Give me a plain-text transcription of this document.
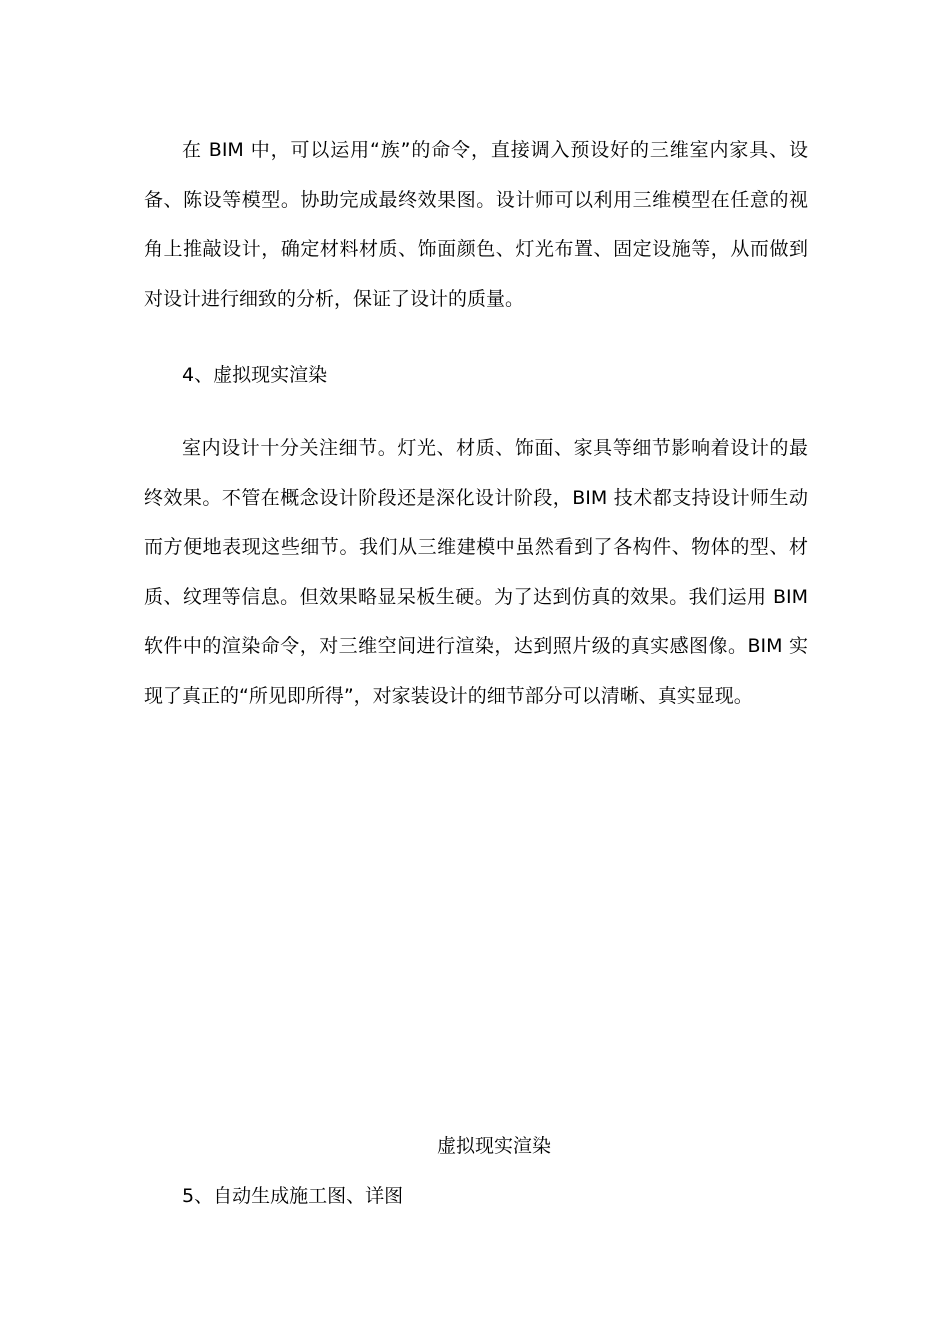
在 BIM 中，可以运用“族”的命令，直接调入预设好的三维室内家具、设备、陈设等模型。协助完成最终效果图。设计师可以利用三维模型在任意的视角上推敲设计，确定材料材质、饰面颜色、灯光布置、固定设施等，从而做到对设计进行细致的分析，保证了设计的质量。

4、虚拟现实渲染

室内设计十分关注细节。灯光、材质、饰面、家具等细节影响着设计的最终效果。不管在概念设计阶段还是深化设计阶段，BIM 技术都支持设计师生动而方便地表现这些细节。我们从三维建模中虽然看到了各构件、物体的型、材质、纹理等信息。但效果略显呆板生硬。为了达到仿真的效果。我们运用 BIM 软件中的渲染命令，对三维空间进行渲染，达到照片级的真实感图像。BIM 实现了真正的“所见即所得”，对家装设计的细节部分可以清晰、真实显现。

虚拟现实渲染

5、自动生成施工图、详图
